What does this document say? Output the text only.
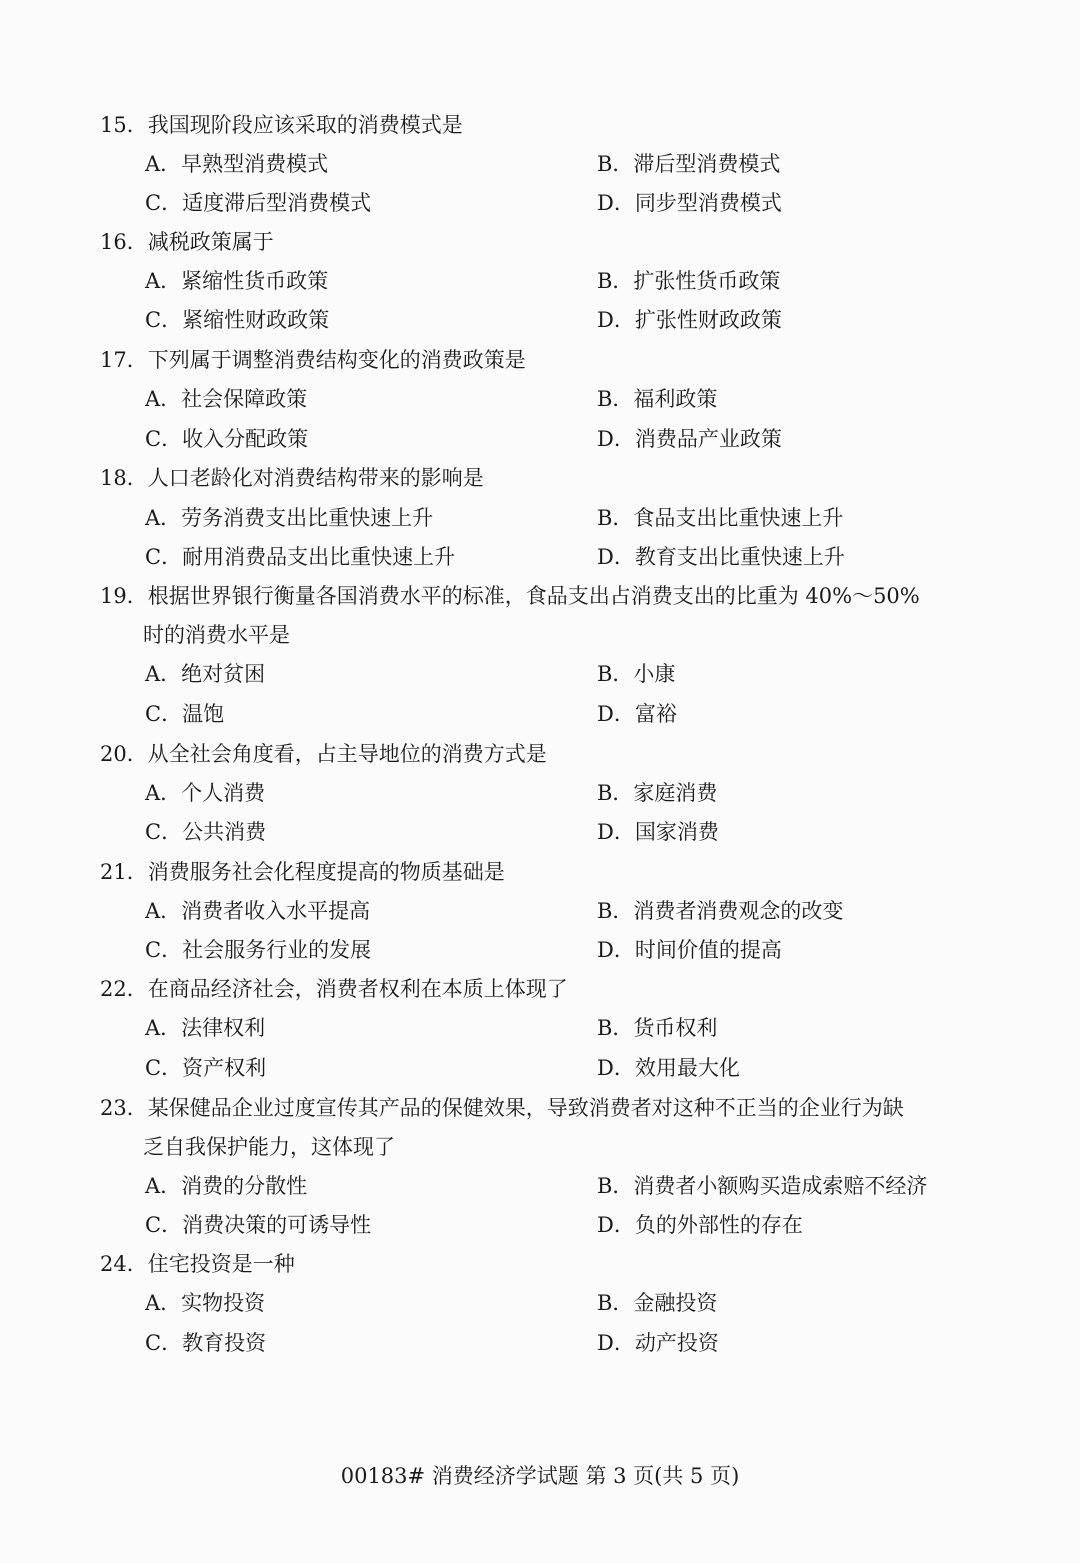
15．我国现阶段应该采取的消费模式是
A．早熟型消费模式	B．滞后型消费模式
C．适度滞后型消费模式	D．同步型消费模式
16．减税政策属于
A．紧缩性货币政策	B．扩张性货币政策
C．紧缩性财政政策	D．扩张性财政政策
17．下列属于调整消费结构变化的消费政策是
A．社会保障政策	B．福利政策
C．收入分配政策	D．消费品产业政策
18．人口老龄化对消费结构带来的影响是
A．劳务消费支出比重快速上升	B．食品支出比重快速上升
C．耐用消费品支出比重快速上升	D．教育支出比重快速上升
19．根据世界银行衡量各国消费水平的标准，食品支出占消费支出的比重为 40%～50%
时的消费水平是
A．绝对贫困	B．小康
C．温饱	D．富裕
20．从全社会角度看，占主导地位的消费方式是
A．个人消费	B．家庭消费
C．公共消费	D．国家消费
21．消费服务社会化程度提高的物质基础是
A．消费者收入水平提高	B．消费者消费观念的改变
C．社会服务行业的发展	D．时间价值的提高
22．在商品经济社会，消费者权利在本质上体现了
A．法律权利	B．货币权利
C．资产权利	D．效用最大化
23．某保健品企业过度宣传其产品的保健效果，导致消费者对这种不正当的企业行为缺
乏自我保护能力，这体现了
A．消费的分散性	B．消费者小额购买造成索赔不经济
C．消费决策的可诱导性	D．负的外部性的存在
24．住宅投资是一种
A．实物投资	B．金融投资
C．教育投资	D．动产投资
00183# 消费经济学试题 第 3 页(共 5 页)
